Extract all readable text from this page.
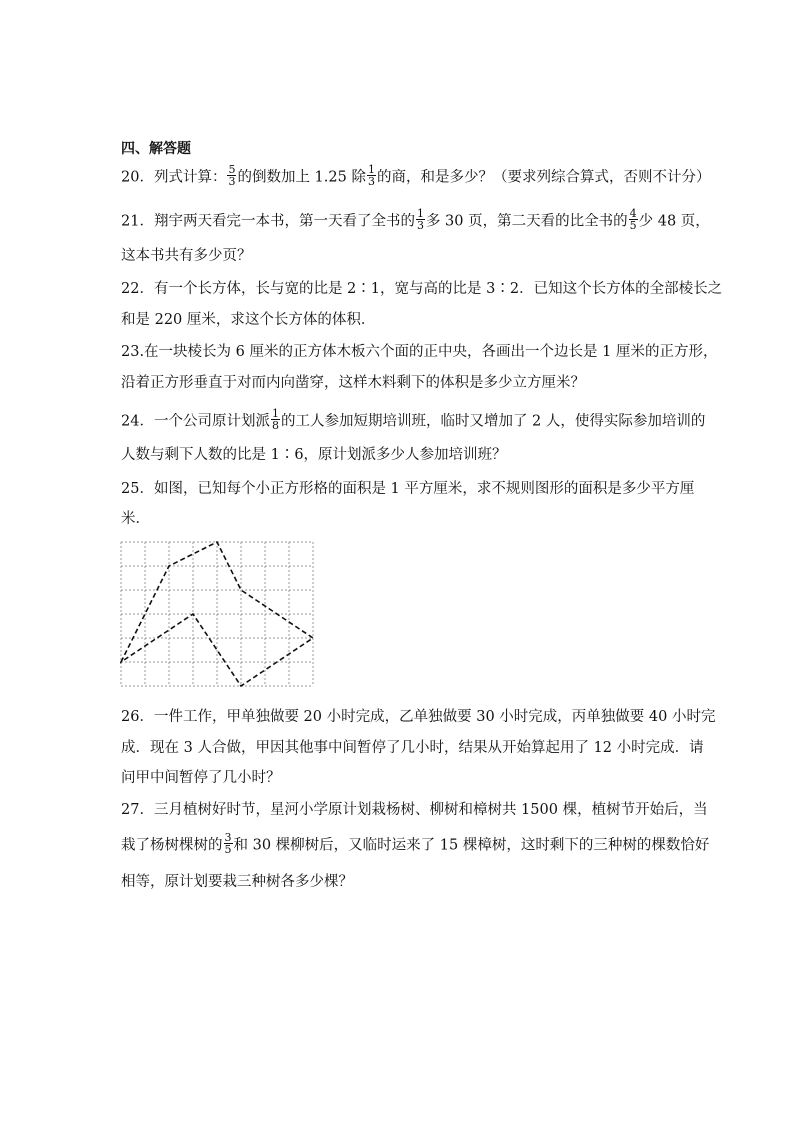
四、解答题
20．列式计算： $\frac{5}{3}$ 的倒数加上 1.25 除 $\frac{1}{3}$ 的商，和是多少？（要求列综合算式，否则不计分）
21．翔宇两天看完一本书，第一天看了全书的 $\frac{1}{3}$ 多 30 页，第二天看的比全书的 $\frac{4}{5}$ 少 48 页，
这本书共有多少页？
22．有一个长方体，长与宽的比是 2∶1，宽与高的比是 3∶2．已知这个长方体的全部棱长之
和是 220 厘米，求这个长方体的体积．
23.在一块棱长为 6 厘米的正方体木板六个面的正中央，各画出一个边长是 1 厘米的正方形，
沿着正方形垂直于对而内向凿穿，这样木料剩下的体积是多少立方厘米？
24．一个公司原计划派 $\frac{1}{8}$ 的工人参加短期培训班，临时又增加了 2 人，使得实际参加培训的
人数与剩下人数的比是 1∶6，原计划派多少人参加培训班？
25．如图，已知每个小正方形格的面积是 1 平方厘米，求不规则图形的面积是多少平方厘
米．
26．一件工作，甲单独做要 20 小时完成，乙单独做要 30 小时完成，丙单独做要 40 小时完
成．现在 3 人合做，甲因其他事中间暂停了几小时，结果从开始算起用了 12 小时完成．请
问甲中间暂停了几小时？
27．三月植树好时节，星河小学原计划栽杨树、柳树和樟树共 1500 棵，植树节开始后，当
栽了杨树棵树的 $\frac{3}{5}$ 和 30 棵柳树后，又临时运来了 15 棵樟树，这时剩下的三种树的棵数恰好
相等，原计划要栽三种树各多少棵？
